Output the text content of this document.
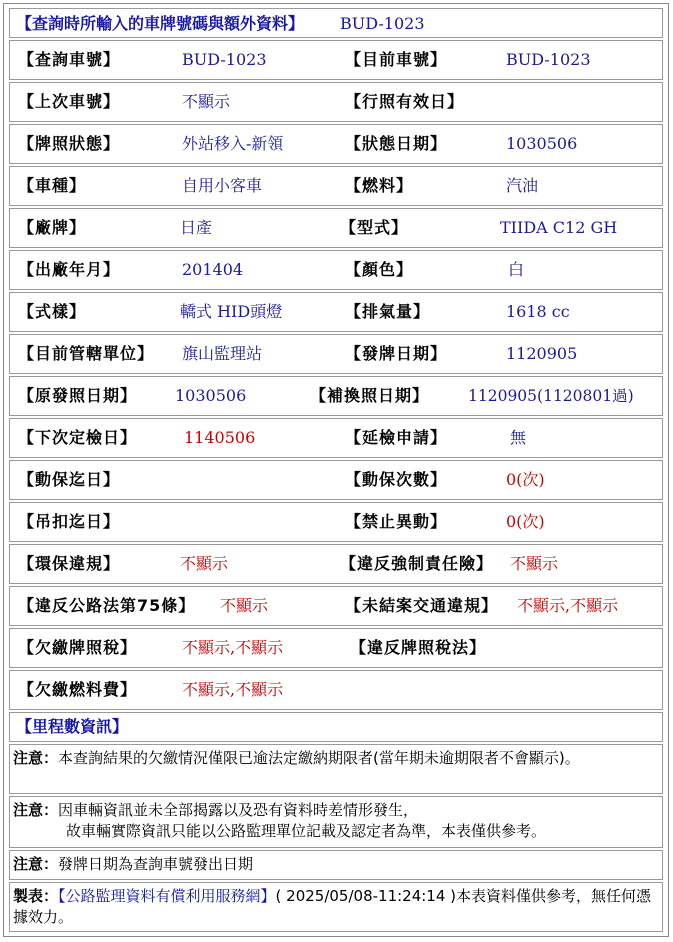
【查詢時所輸入的車牌號碼與額外資料】 BUD-1023
【查詢車號】	BUD-1023	【目前車號】	BUD-1023
【上次車號】	不顯示	【行照有效日】
【牌照狀態】	外站移入-新領	【狀態日期】	1030506
【車種】	自用小客車	【燃料】	汽油
【廠牌】	日產	【型式】	TIIDA C12 GH
【出廠年月】	201404	【顏色】	白
【式樣】	轎式 HID頭燈	【排氣量】	1618 cc
【目前管轄單位】 旗山監理站	【發牌日期】	1120905
【原發照日期】 1030506	【補換照日期】	1120905(1120801過)
【下次定檢日】	1140506	【延檢申請】	無
【動保迄日】	【動保次數】	0(次)
【吊扣迄日】	【禁止異動】	0(次)
【環保違規】	不顯示	【違反強制責任險】 不顯示
【違反公路法第75條】 不顯示	【未結案交通違規】 不顯示,不顯示
【欠繳牌照稅】	不顯示,不顯示	【違反牌照稅法】
【欠繳燃料費】	不顯示,不顯示
【里程數資訊】
注意：本查詢結果的欠繳情況僅限已逾法定繳納期限者(當年期未逾期限者不會顯示)。
注意：因車輛資訊並未全部揭露以及恐有資料時差情形發生，
故車輛實際資訊只能以公路監理單位記載及認定者為準，本表僅供參考。
注意：發牌日期為查詢車號發出日期
製表：【公路監理資料有償利用服務網】( 2025/05/08-11:24:14 )本表資料僅供參考，無任何憑據效力。
